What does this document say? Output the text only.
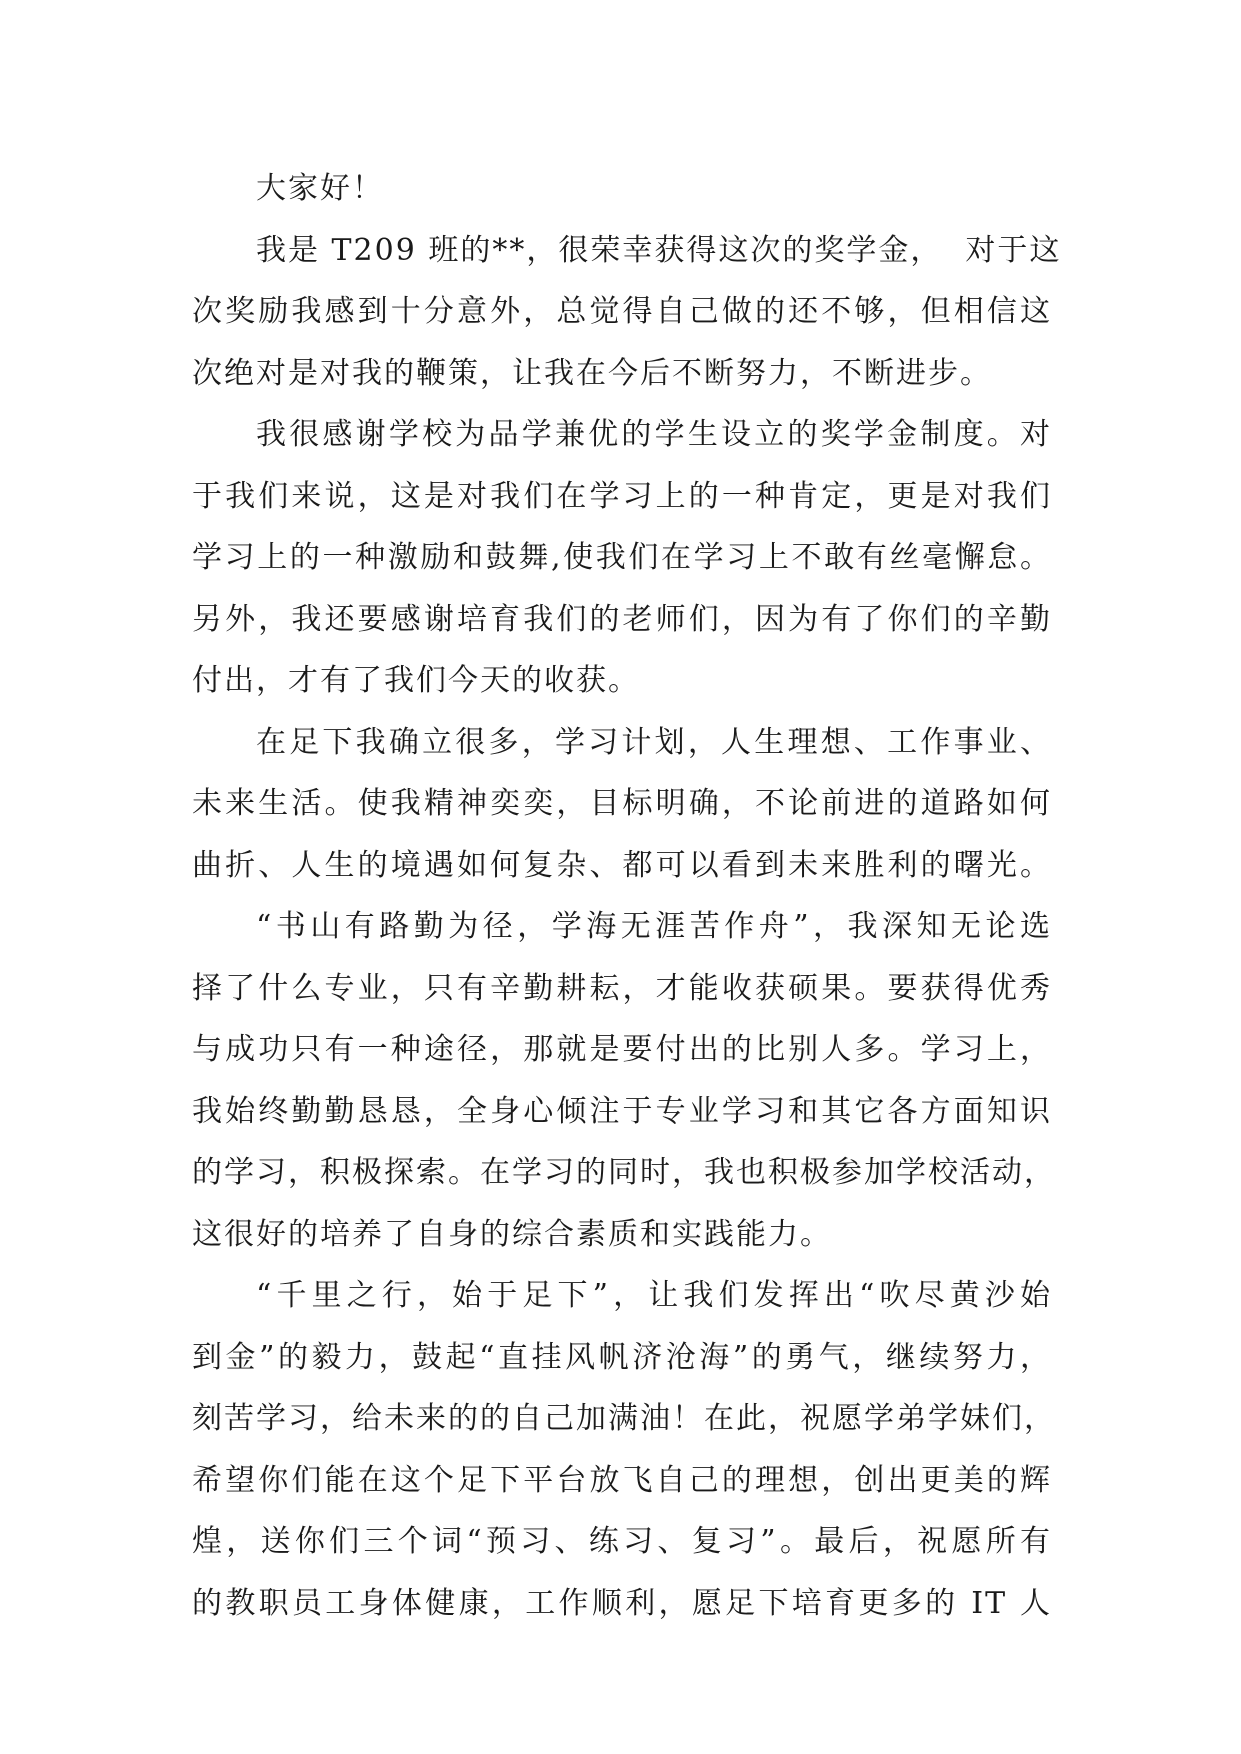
大家好！
我是 T209 班的**，很荣幸获得这次的奖学金，  对于这
次奖励我感到十分意外，总觉得自己做的还不够，但相信这
次绝对是对我的鞭策，让我在今后不断努力，不断进步。
我很感谢学校为品学兼优的学生设立的奖学金制度。对
于我们来说，这是对我们在学习上的一种肯定，更是对我们
学习上的一种激励和鼓舞,使我们在学习上不敢有丝毫懈怠。
另外，我还要感谢培育我们的老师们，因为有了你们的辛勤
付出，才有了我们今天的收获。
在足下我确立很多，学习计划，人生理想、工作事业、
未来生活。使我精神奕奕，目标明确，不论前进的道路如何
曲折、人生的境遇如何复杂、都可以看到未来胜利的曙光。
“书山有路勤为径，学海无涯苦作舟”，我深知无论选
择了什么专业，只有辛勤耕耘，才能收获硕果。要获得优秀
与成功只有一种途径，那就是要付出的比别人多。学习上，
我始终勤勤恳恳，全身心倾注于专业学习和其它各方面知识
的学习，积极探索。在学习的同时，我也积极参加学校活动，
这很好的培养了自身的综合素质和实践能力。
“千里之行，始于足下”，让我们发挥出“吹尽黄沙始
到金”的毅力，鼓起“直挂风帆济沧海”的勇气，继续努力，
刻苦学习，给未来的的自己加满油！在此，祝愿学弟学妹们，
希望你们能在这个足下平台放飞自己的理想，创出更美的辉
煌，送你们三个词“预习、练习、复习”。最后，祝愿所有
的教职员工身体健康，工作顺利，愿足下培育更多的 IT 人
